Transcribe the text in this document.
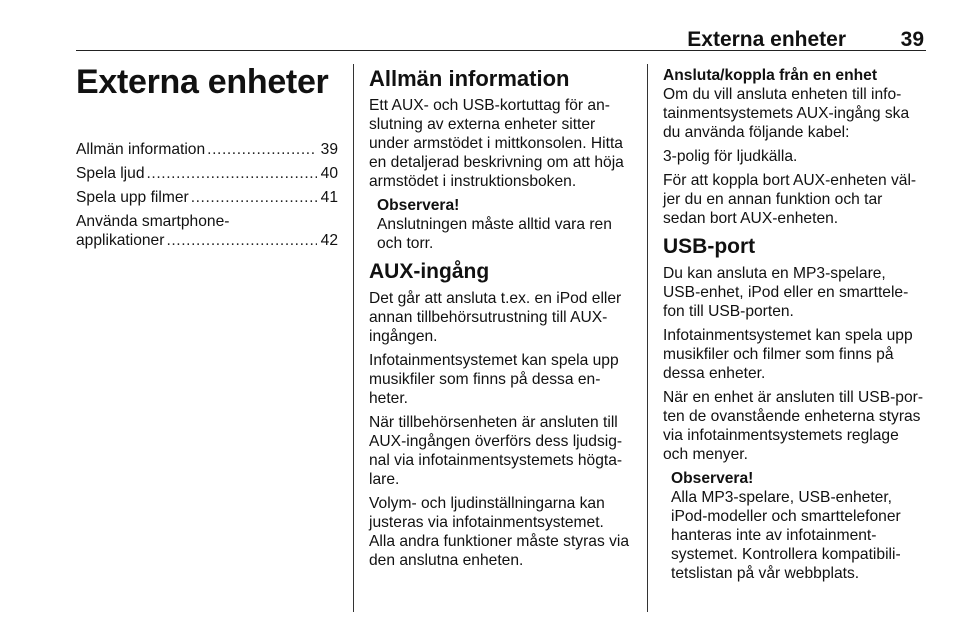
Externa enheter	39
Externa enheter
Allmän information .....	39
Spela ljud .....	40
Spela upp filmer .....	41
Använda smartphone-
applikationer .....	42
Allmän information

Ett AUX- och USB-kortuttag för an-slutning av externa enheter sitter under armstödet i mittkonsolen. Hitta en detaljerad beskrivning om att höja armstödet i instruktionsboken.

Observera!
Anslutningen måste alltid vara ren och torr.
AUX-ingång

Det går att ansluta t.ex. en iPod eller annan tillbehörsutrustning till AUX-ingången.

Infotainmentsystemet kan spela upp musikfiler som finns på dessa en-heter.

När tillbehörsenheten är ansluten till AUX-ingången överförs dess ljudsig-nal via infotainmentsystemets högta-lare.

Volym- och ljudinställningarna kan justeras via infotainmentsystemet. Alla andra funktioner måste styras via den anslutna enheten.

Ansluta/koppla från en enhet

Om du vill ansluta enheten till info-tainmentsystemets AUX-ingång ska du använda följande kabel:

3-polig för ljudkälla.

För att koppla bort AUX-enheten väl-jer du en annan funktion och tar sedan bort AUX-enheten.

USB-port

Du kan ansluta en MP3-spelare, USB-enhet, iPod eller en smarttele-fon till USB-porten.

Infotainmentsystemet kan spela upp musikfiler och filmer som finns på dessa enheter.

När en enhet är ansluten till USB-por-ten de ovanstående enheterna styras via infotainmentsystemets reglage och menyer.

Observera!
Alla MP3-spelare, USB-enheter, iPod-modeller och smarttelefoner hanteras inte av infotainment-systemet. Kontrollera kompatibili-tetslistan på vår webbplats.
